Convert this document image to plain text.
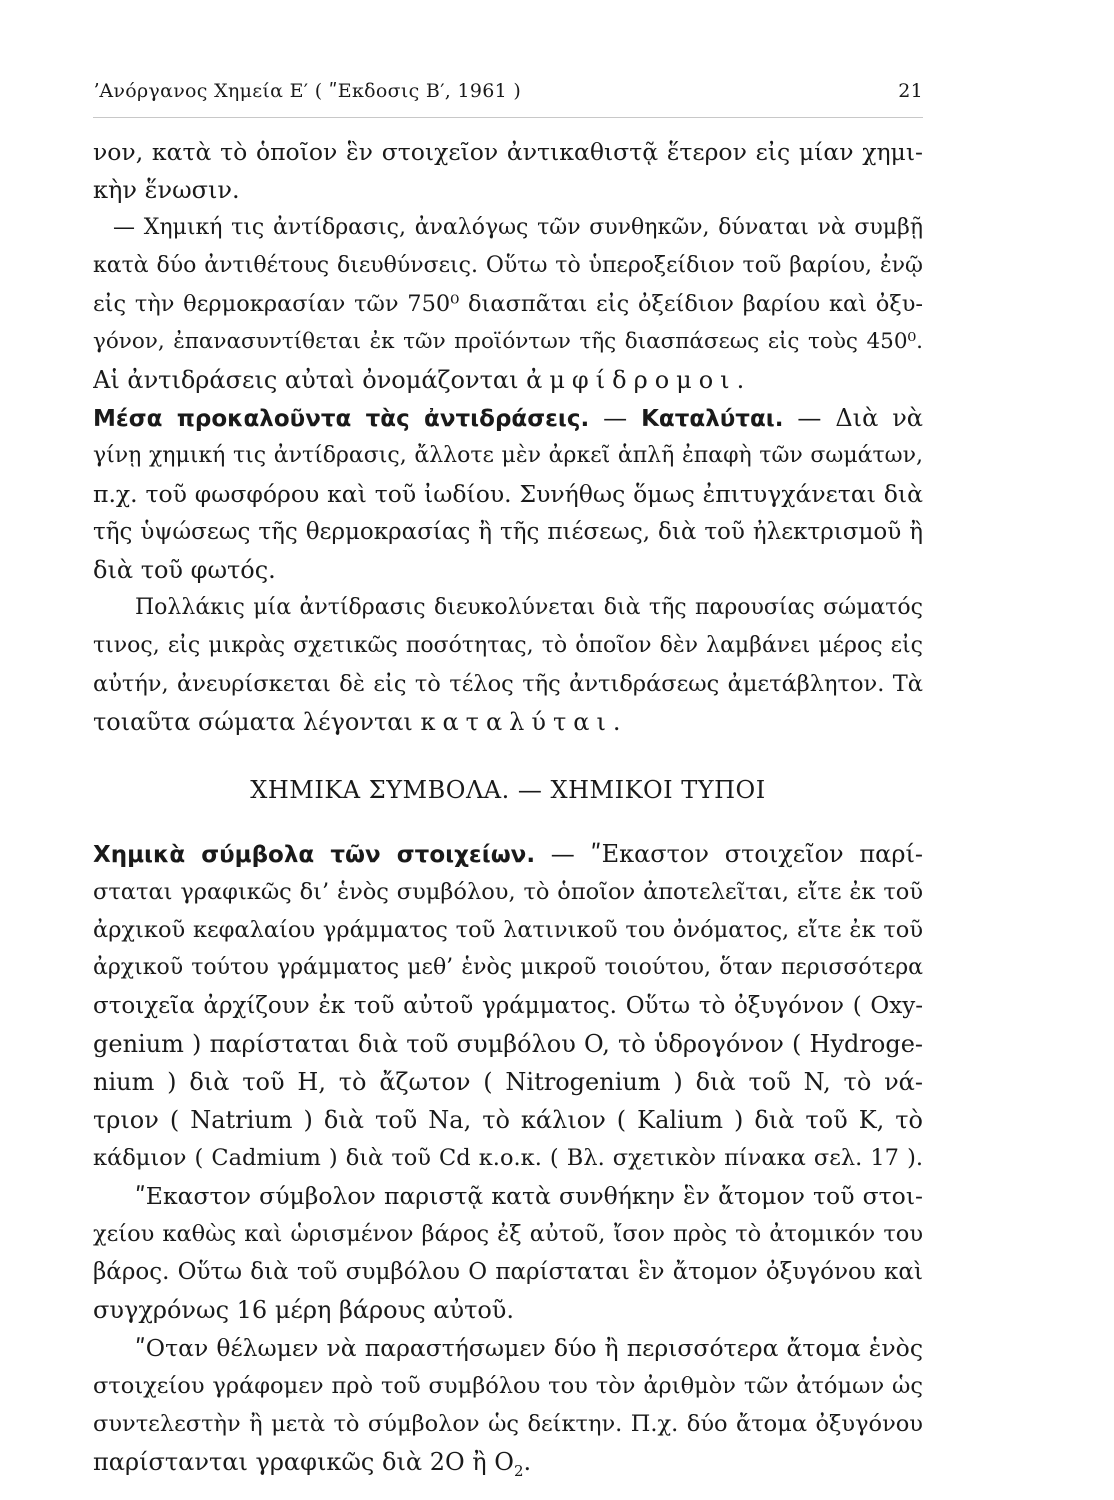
ʼΑνόργανος Χημεία Ε′ ( ʺΕκδοσις Β′, 1961 )	21

νον, κατὰ τὸ ὁποῖον ἓν στοιχεῖον ἀντικαθιστᾷ ἕτερον εἰς μίαν χημι-

κὴν ἕνωσιν.

— Χημική τις ἀντίδρασις, ἀναλόγως τῶν συνθηκῶν, δύναται νὰ συμβῇ

κατὰ δύο ἀντιθέτους διευθύνσεις. Οὕτω τὸ ὑπεροξείδιον τοῦ βαρίου, ἐνῷ

εἰς τὴν θερμοκρασίαν τῶν 750⁰ διασπᾶται εἰς ὀξείδιον βαρίου καὶ ὀξυ-

γόνον, ἐπανασυντίθεται ἐκ τῶν προϊόντων τῆς διασπάσεως εἰς τοὺς 450⁰.

Αἱ ἀντιδράσεις αὐταὶ ὀνομάζονται ἀμφίδρομοι.

Μέσα προκαλοῦντα τὰς ἀντιδράσεις. — Καταλύται. — Διὰ νὰ

γίνῃ χημική τις ἀντίδρασις, ἄλλοτε μὲν ἀρκεῖ ἁπλῆ ἐπαφὴ τῶν σωμάτων,

π.χ. τοῦ φωσφόρου καὶ τοῦ ἰωδίου. Συνήθως ὅμως ἐπιτυγχάνεται διὰ

τῆς ὑψώσεως τῆς θερμοκρασίας ἢ τῆς πιέσεως, διὰ τοῦ ἠλεκτρισμοῦ ἢ

διὰ τοῦ φωτός.

Πολλάκις μία ἀντίδρασις διευκολύνεται διὰ τῆς παρουσίας σώματός

τινος, εἰς μικρὰς σχετικῶς ποσότητας, τὸ ὁποῖον δὲν λαμβάνει μέρος εἰς

αὐτήν, ἀνευρίσκεται δὲ εἰς τὸ τέλος τῆς ἀντιδράσεως ἀμετάβλητον. Τὰ

τοιαῦτα σώματα λέγονται καταλύται.

ΧΗΜΙΚΑ ΣΥΜΒΟΛΑ. — ΧΗΜΙΚΟΙ ΤΥΠΟΙ

Χημικὰ σύμβολα τῶν στοιχείων. — ʺΕκαστον στοιχεῖον παρί-

σταται γραφικῶς δι’ ἑνὸς συμβόλου, τὸ ὁποῖον ἀποτελεῖται, εἴτε ἐκ τοῦ

ἀρχικοῦ κεφαλαίου γράμματος τοῦ λατινικοῦ του ὀνόματος, εἴτε ἐκ τοῦ

ἀρχικοῦ τούτου γράμματος μεθ’ ἑνὸς μικροῦ τοιούτου, ὅταν περισσότερα

στοιχεῖα ἀρχίζουν ἐκ τοῦ αὐτοῦ γράμματος. Οὕτω τὸ ὀξυγόνον ( Oxy-

genium ) παρίσταται διὰ τοῦ συμβόλου O, τὸ ὑδρογόνον ( Hydroge-

nium ) διὰ τοῦ H, τὸ ἄζωτον ( Nitrogenium ) διὰ τοῦ N, τὸ νά-

τριον ( Natrium ) διὰ τοῦ Na, τὸ κάλιον ( Kalium ) διὰ τοῦ K, τὸ

κάδμιον ( Cadmium ) διὰ τοῦ Cd κ.ο.κ. ( Βλ. σχετικὸν πίνακα σελ. 17 ).

ʺΕκαστον σύμβολον παριστᾷ κατὰ συνθήκην ἓν ἄτομον τοῦ στοι-

χείου καθὼς καὶ ὡρισμένον βάρος ἐξ αὐτοῦ, ἴσον πρὸς τὸ ἀτομικόν του

βάρος. Οὕτω διὰ τοῦ συμβόλου O παρίσταται ἓν ἄτομον ὀξυγόνου καὶ

συγχρόνως 16 μέρη βάρους αὐτοῦ.

ʺΟταν θέλωμεν νὰ παραστήσωμεν δύο ἢ περισσότερα ἄτομα ἑνὸς

στοιχείου γράφομεν πρὸ τοῦ συμβόλου του τὸν ἀριθμὸν τῶν ἀτόμων ὡς

συντελεστὴν ἢ μετὰ τὸ σύμβολον ὡς δείκτην. Π.χ. δύο ἄτομα ὀξυγόνου

παρίστανται γραφικῶς διὰ 2O ἢ $O_2$.
